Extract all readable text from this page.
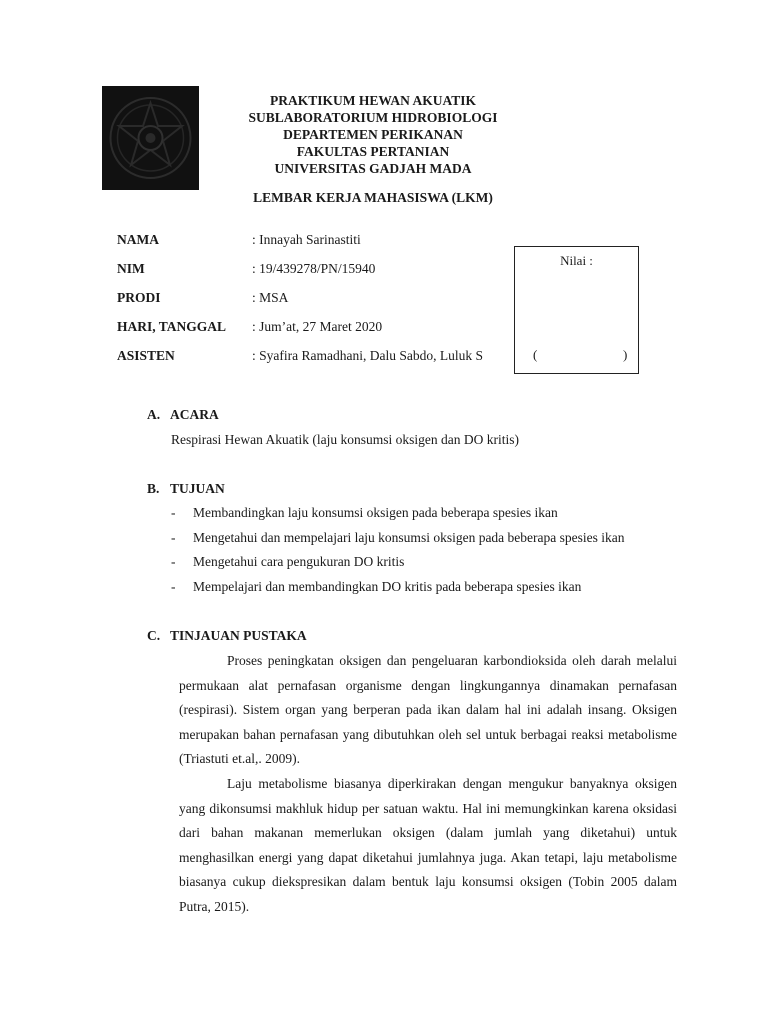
PRAKTIKUM HEWAN AKUATIK
SUBLABORATORIUM HIDROBIOLOGI
DEPARTEMEN PERIKANAN
FAKULTAS PERTANIAN
UNIVERSITAS GADJAH MADA
LEMBAR KERJA MAHASISWA (LKM)
NAMA	: Innayah Sarinastiti
NIM	: 19/439278/PN/15940
PRODI	: MSA
HARI, TANGGAL : Jum’at, 27 Maret 2020
ASISTEN	: Syafira Ramadhani, Dalu Sabdo, Luluk S
Nilai :
(	)
A. ACARA
Respirasi Hewan Akuatik (laju konsumsi oksigen dan DO kritis)
B. TUJUAN
- Membandingkan laju konsumsi oksigen pada beberapa spesies ikan
- Mengetahui dan mempelajari laju konsumsi oksigen pada beberapa spesies ikan
- Mengetahui cara pengukuran DO kritis
- Mempelajari dan membandingkan DO kritis pada beberapa spesies ikan
C. TINJAUAN PUSTAKA

Proses peningkatan oksigen dan pengeluaran karbondioksida oleh darah melalui permukaan alat pernafasan organisme dengan lingkungannya dinamakan pernafasan (respirasi). Sistem organ yang berperan pada ikan dalam hal ini adalah insang. Oksigen merupakan bahan pernafasan yang dibutuhkan oleh sel untuk berbagai reaksi metabolisme (Triastuti et.al,. 2009).

Laju metabolisme biasanya diperkirakan dengan mengukur banyaknya oksigen yang dikonsumsi makhluk hidup per satuan waktu. Hal ini memungkinkan karena oksidasi dari bahan makanan memerlukan oksigen (dalam jumlah yang diketahui) untuk menghasilkan energi yang dapat diketahui jumlahnya juga. Akan tetapi, laju metabolisme biasanya cukup diekspresikan dalam bentuk laju konsumsi oksigen (Tobin 2005 dalam Putra, 2015).
